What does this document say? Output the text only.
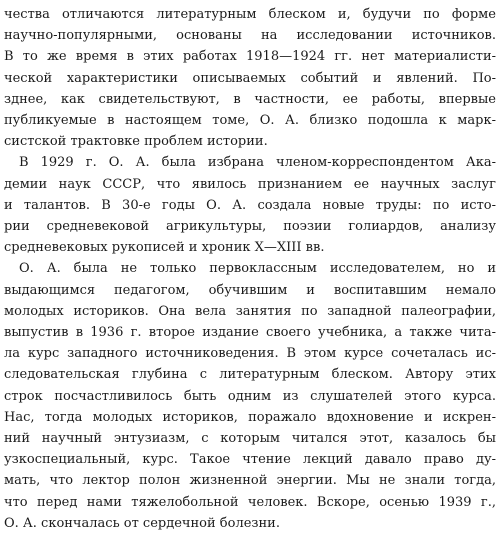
чества отличаются литературным блеском и, будучи по форме
научно-популярными, основаны на исследовании источников.
В то же время в этих работах 1918—1924 гг. нет материалисти-
ческой характеристики описываемых событий и явлений. По-
зднее, как свидетельствуют, в частности, ее работы, впервые
публикуемые в настоящем томе, О. А. близко подошла к марк-
систской трактовке проблем истории.
В 1929 г. О. А. была избрана членом-корреспондентом Ака-
демии наук СССР, что явилось признанием ее научных заслуг
и талантов. В 30-е годы О. А. создала новые труды: по исто-
рии средневековой агрикультуры, поэзии голиардов, анализу
средневековых рукописей и хроник X—XIII вв.
О. А. была не только первоклассным исследователем, но и
выдающимся педагогом, обучившим и воспитавшим немало
молодых историков. Она вела занятия по западной палеографии,
выпустив в 1936 г. второе издание своего учебника, а также чита-
ла курс западного источниковедения. В этом курсе сочеталась ис-
следовательская глубина с литературным блеском. Автору этих
строк посчастливилось быть одним из слушателей этого курса.
Нас, тогда молодых историков, поражало вдохновение и искрен-
ний научный энтузиазм, с которым читался этот, казалось бы
узкоспециальный, курс. Такое чтение лекций давало право ду-
мать, что лектор полон жизненной энергии. Мы не знали тогда,
что перед нами тяжелобольной человек. Вскоре, осенью 1939 г.,
О. А. скончалась от сердечной болезни.
